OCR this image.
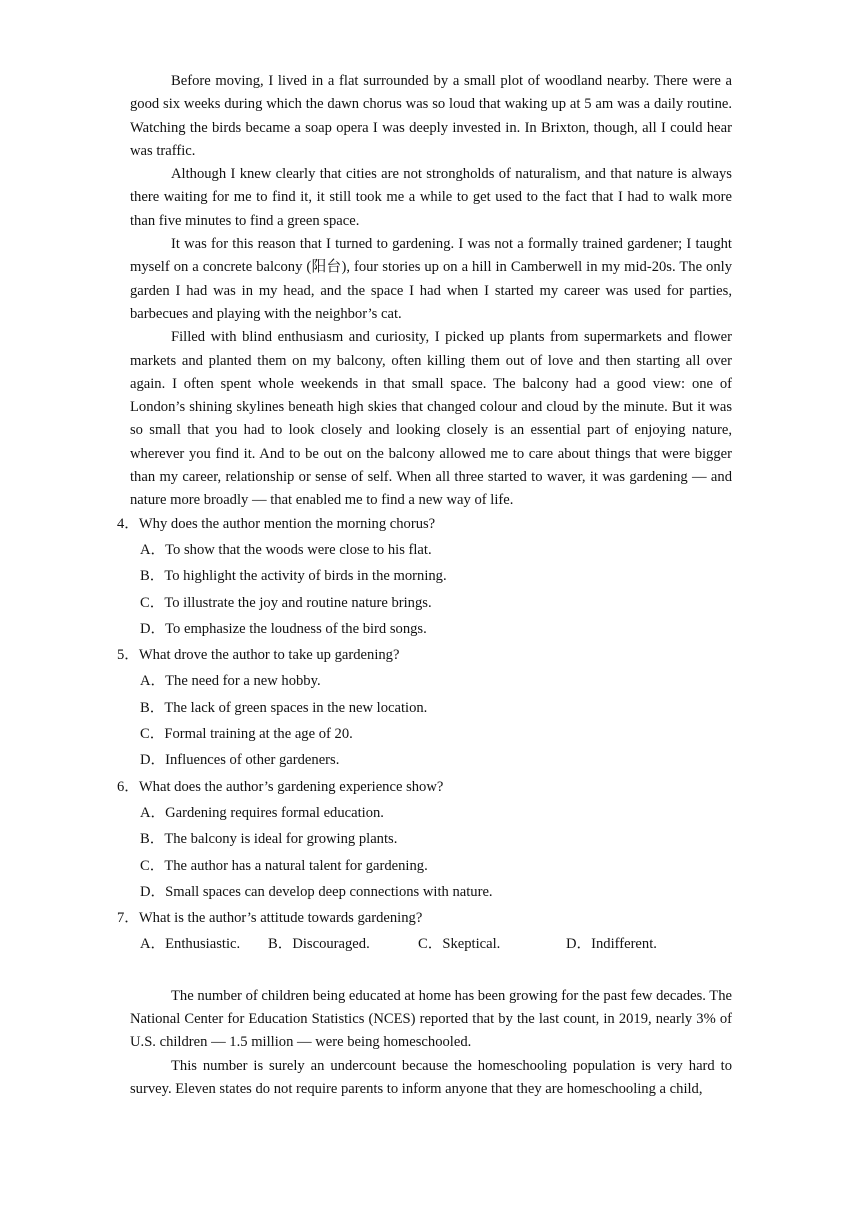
Before moving, I lived in a flat surrounded by a small plot of woodland nearby. There were a good six weeks during which the dawn chorus was so loud that waking up at 5 am was a daily routine. Watching the birds became a soap opera I was deeply invested in. In Brixton, though, all I could hear was traffic.

Although I knew clearly that cities are not strongholds of naturalism, and that nature is always there waiting for me to find it, it still took me a while to get used to the fact that I had to walk more than five minutes to find a green space.

It was for this reason that I turned to gardening. I was not a formally trained gardener; I taught myself on a concrete balcony (阳台), four stories up on a hill in Camberwell in my mid-20s. The only garden I had was in my head, and the space I had when I started my career was used for parties, barbecues and playing with the neighbor’s cat.

Filled with blind enthusiasm and curiosity, I picked up plants from supermarkets and flower markets and planted them on my balcony, often killing them out of love and then starting all over again. I often spent whole weekends in that small space. The balcony had a good view: one of London’s shining skylines beneath high skies that changed colour and cloud by the minute. But it was so small that you had to look closely and looking closely is an essential part of enjoying nature, wherever you find it. And to be out on the balcony allowed me to care about things that were bigger than my career, relationship or sense of self. When all three started to waver, it was gardening — and nature more broadly — that enabled me to find a new way of life.

4．Why does the author mention the morning chorus?

A．To show that the woods were close to his flat.

B．To highlight the activity of birds in the morning.

C．To illustrate the joy and routine nature brings.

D．To emphasize the loudness of the bird songs.

5．What drove the author to take up gardening?

A．The need for a new hobby.

B．The lack of green spaces in the new location.

C．Formal training at the age of 20.

D．Influences of other gardeners.

6．What does the author’s gardening experience show?

A．Gardening requires formal education.

B．The balcony is ideal for growing plants.

C．The author has a natural talent for gardening.

D．Small spaces can develop deep connections with nature.

7．What is the author’s attitude towards gardening?

A．Enthusiastic.	B．Discouraged.	C．Skeptical.	D．Indifferent.

The number of children being educated at home has been growing for the past few decades. The National Center for Education Statistics (NCES) reported that by the last count, in 2019, nearly 3% of U.S. children — 1.5 million — were being homeschooled.

This number is surely an undercount because the homeschooling population is very hard to survey. Eleven states do not require parents to inform anyone that they are homeschooling a child,
